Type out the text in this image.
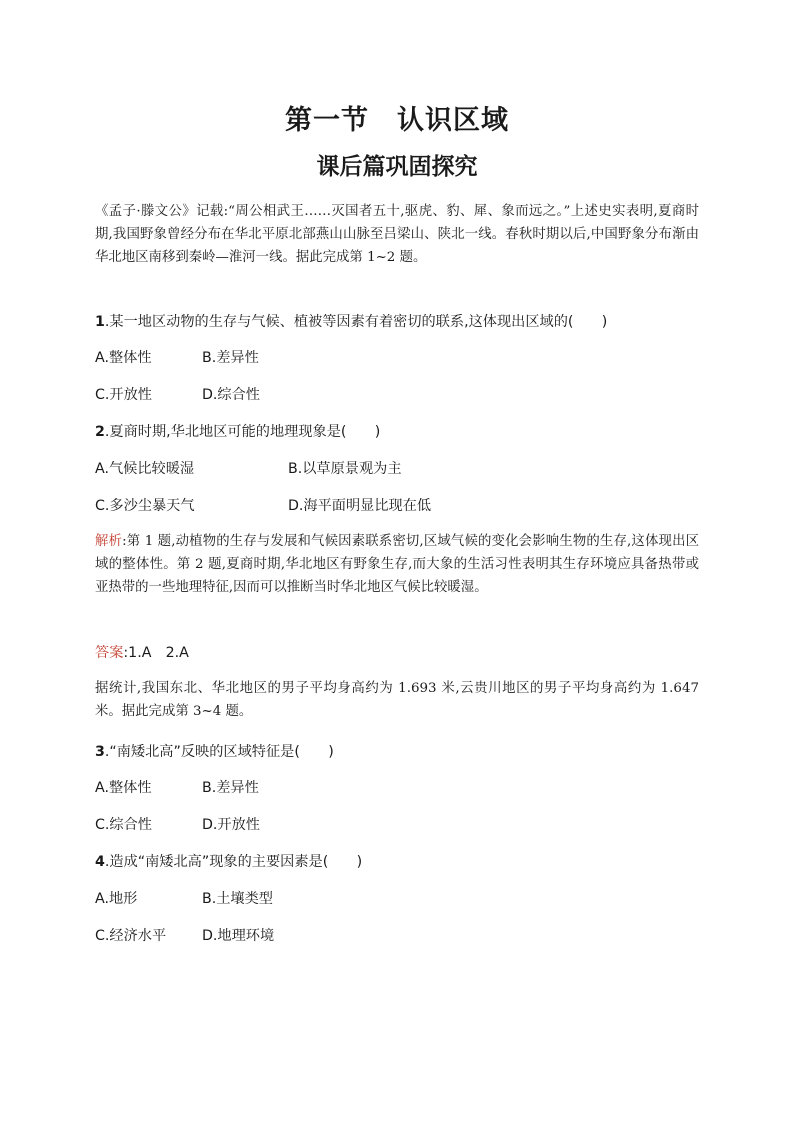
第一节　认识区域
课后篇巩固探究
《孟子·滕文公》记载:“周公相武王……灭国者五十,驱虎、豹、犀、象而远之。”上述史实表明,夏商时期,我国野象曾经分布在华北平原北部燕山山脉至吕梁山、陕北一线。春秋时期以后,中国野象分布渐由华北地区南移到秦岭—淮河一线。据此完成第 1~2 题。
1.某一地区动物的生存与气候、植被等因素有着密切的联系,这体现出区域的(　　)
A.整体性	B.差异性
C.开放性	D.综合性
2.夏商时期,华北地区可能的地理现象是(　　)
A.气候比较暖湿	B.以草原景观为主
C.多沙尘暴天气	D.海平面明显比现在低
解析:第 1 题,动植物的生存与发展和气候因素联系密切,区域气候的变化会影响生物的生存,这体现出区域的整体性。第 2 题,夏商时期,华北地区有野象生存,而大象的生活习性表明其生存环境应具备热带或亚热带的一些地理特征,因而可以推断当时华北地区气候比较暖湿。
答案:1.A　2.A
据统计,我国东北、华北地区的男子平均身高约为 1.693 米,云贵川地区的男子平均身高约为 1.647 米。据此完成第 3~4 题。
3.“南矮北高”反映的区域特征是(　　)
A.整体性	B.差异性
C.综合性	D.开放性
4.造成“南矮北高”现象的主要因素是(　　)
A.地形	B.土壤类型
C.经济水平	D.地理环境
